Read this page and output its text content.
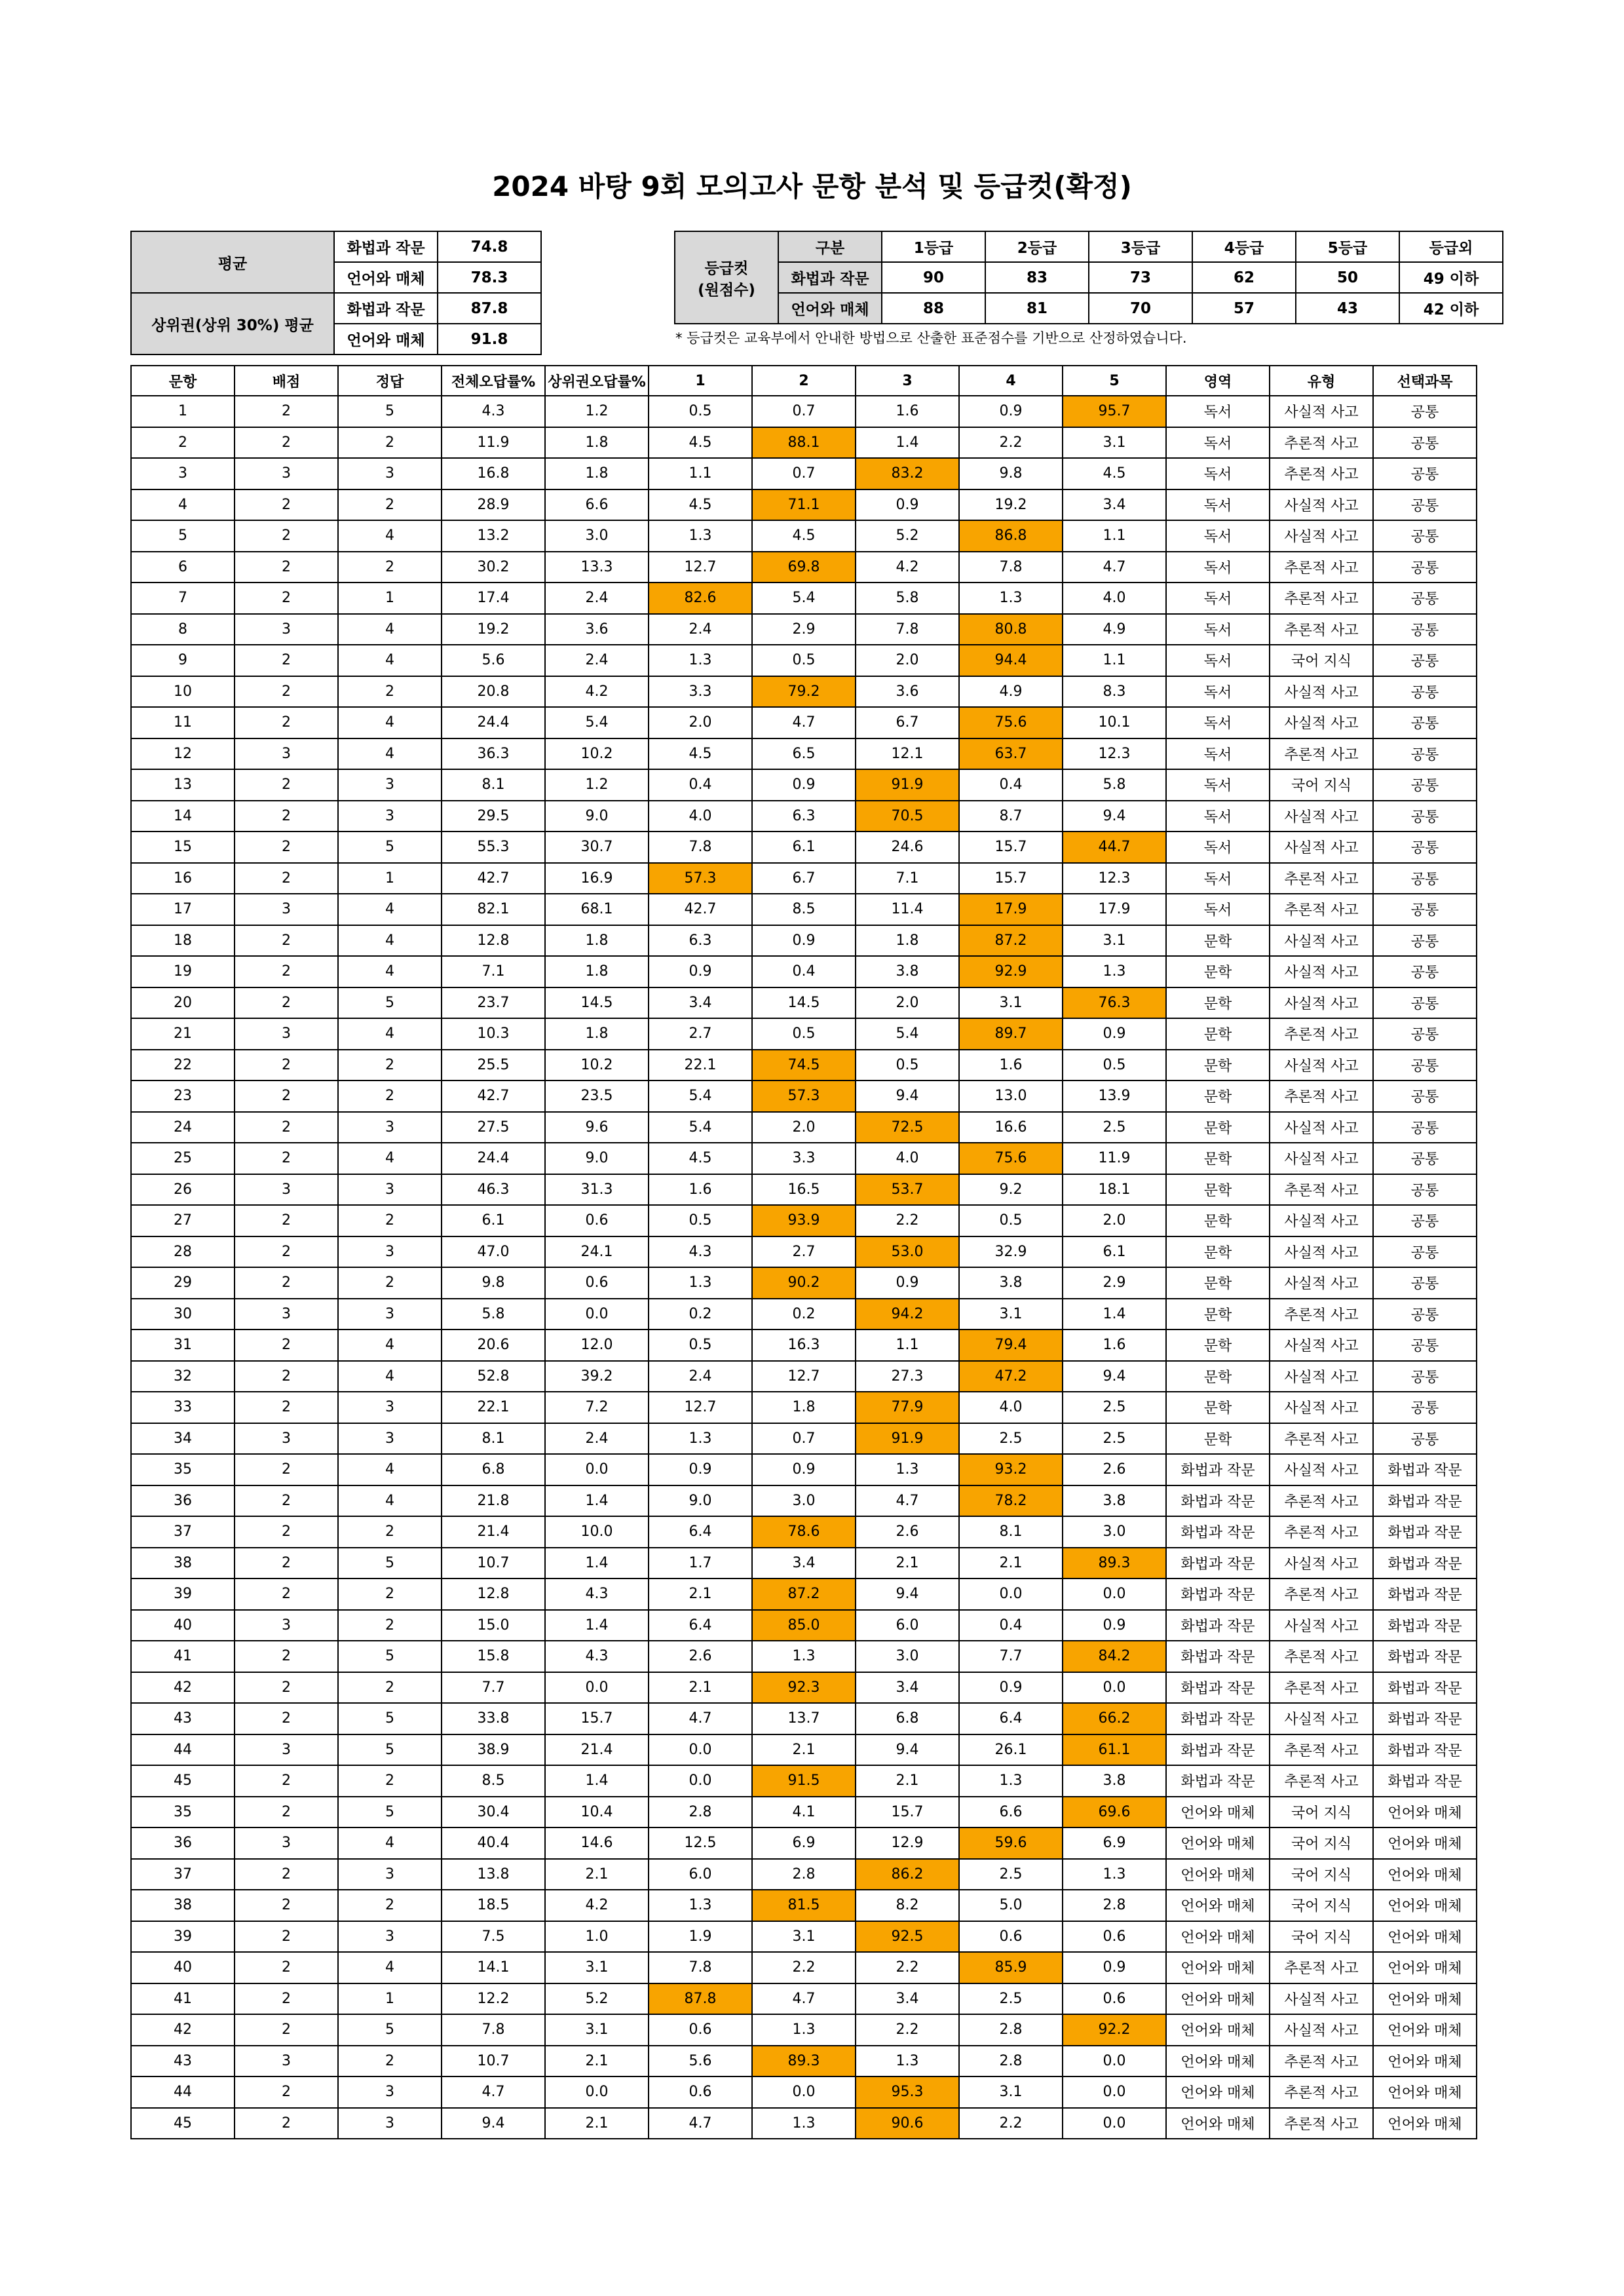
2024 바탕 9회 모의고사 문항 분석 및 등급컷(확정)
평균	화법과 작문	74.8
	언어와 매체	78.3
상위권(상위 30%) 평균	화법과 작문	87.8
	언어와 매체	91.8
등급컷
(원점수)	구분	1등급	2등급	3등급	4등급	5등급	등급외
	화법과 작문	90	83	73	62	50	49 이하
	언어와 매체	88	81	70	57	43	42 이하
* 등급컷은 교육부에서 안내한 방법으로 산출한 표준점수를 기반으로 산정하였습니다.
문항	배점	정답	전체오답률%	상위권오답률%	1	2	3	4	5	영역	유형	선택과목
1	2	5	4.3	1.2	0.5	0.7	1.6	0.9	95.7	독서	사실적 사고	공통
2	2	2	11.9	1.8	4.5	88.1	1.4	2.2	3.1	독서	추론적 사고	공통
3	3	3	16.8	1.8	1.1	0.7	83.2	9.8	4.5	독서	추론적 사고	공통
4	2	2	28.9	6.6	4.5	71.1	0.9	19.2	3.4	독서	사실적 사고	공통
5	2	4	13.2	3.0	1.3	4.5	5.2	86.8	1.1	독서	사실적 사고	공통
6	2	2	30.2	13.3	12.7	69.8	4.2	7.8	4.7	독서	추론적 사고	공통
7	2	1	17.4	2.4	82.6	5.4	5.8	1.3	4.0	독서	추론적 사고	공통
8	3	4	19.2	3.6	2.4	2.9	7.8	80.8	4.9	독서	추론적 사고	공통
9	2	4	5.6	2.4	1.3	0.5	2.0	94.4	1.1	독서	국어 지식	공통
10	2	2	20.8	4.2	3.3	79.2	3.6	4.9	8.3	독서	사실적 사고	공통
11	2	4	24.4	5.4	2.0	4.7	6.7	75.6	10.1	독서	사실적 사고	공통
12	3	4	36.3	10.2	4.5	6.5	12.1	63.7	12.3	독서	추론적 사고	공통
13	2	3	8.1	1.2	0.4	0.9	91.9	0.4	5.8	독서	국어 지식	공통
14	2	3	29.5	9.0	4.0	6.3	70.5	8.7	9.4	독서	사실적 사고	공통
15	2	5	55.3	30.7	7.8	6.1	24.6	15.7	44.7	독서	사실적 사고	공통
16	2	1	42.7	16.9	57.3	6.7	7.1	15.7	12.3	독서	추론적 사고	공통
17	3	4	82.1	68.1	42.7	8.5	11.4	17.9	17.9	독서	추론적 사고	공통
18	2	4	12.8	1.8	6.3	0.9	1.8	87.2	3.1	문학	사실적 사고	공통
19	2	4	7.1	1.8	0.9	0.4	3.8	92.9	1.3	문학	사실적 사고	공통
20	2	5	23.7	14.5	3.4	14.5	2.0	3.1	76.3	문학	사실적 사고	공통
21	3	4	10.3	1.8	2.7	0.5	5.4	89.7	0.9	문학	추론적 사고	공통
22	2	2	25.5	10.2	22.1	74.5	0.5	1.6	0.5	문학	사실적 사고	공통
23	2	2	42.7	23.5	5.4	57.3	9.4	13.0	13.9	문학	추론적 사고	공통
24	2	3	27.5	9.6	5.4	2.0	72.5	16.6	2.5	문학	사실적 사고	공통
25	2	4	24.4	9.0	4.5	3.3	4.0	75.6	11.9	문학	사실적 사고	공통
26	3	3	46.3	31.3	1.6	16.5	53.7	9.2	18.1	문학	추론적 사고	공통
27	2	2	6.1	0.6	0.5	93.9	2.2	0.5	2.0	문학	사실적 사고	공통
28	2	3	47.0	24.1	4.3	2.7	53.0	32.9	6.1	문학	사실적 사고	공통
29	2	2	9.8	0.6	1.3	90.2	0.9	3.8	2.9	문학	사실적 사고	공통
30	3	3	5.8	0.0	0.2	0.2	94.2	3.1	1.4	문학	추론적 사고	공통
31	2	4	20.6	12.0	0.5	16.3	1.1	79.4	1.6	문학	사실적 사고	공통
32	2	4	52.8	39.2	2.4	12.7	27.3	47.2	9.4	문학	사실적 사고	공통
33	2	3	22.1	7.2	12.7	1.8	77.9	4.0	2.5	문학	사실적 사고	공통
34	3	3	8.1	2.4	1.3	0.7	91.9	2.5	2.5	문학	추론적 사고	공통
35	2	4	6.8	0.0	0.9	0.9	1.3	93.2	2.6	화법과 작문	사실적 사고	화법과 작문
36	2	4	21.8	1.4	9.0	3.0	4.7	78.2	3.8	화법과 작문	추론적 사고	화법과 작문
37	2	2	21.4	10.0	6.4	78.6	2.6	8.1	3.0	화법과 작문	추론적 사고	화법과 작문
38	2	5	10.7	1.4	1.7	3.4	2.1	2.1	89.3	화법과 작문	사실적 사고	화법과 작문
39	2	2	12.8	4.3	2.1	87.2	9.4	0.0	0.0	화법과 작문	추론적 사고	화법과 작문
40	3	2	15.0	1.4	6.4	85.0	6.0	0.4	0.9	화법과 작문	사실적 사고	화법과 작문
41	2	5	15.8	4.3	2.6	1.3	3.0	7.7	84.2	화법과 작문	추론적 사고	화법과 작문
42	2	2	7.7	0.0	2.1	92.3	3.4	0.9	0.0	화법과 작문	추론적 사고	화법과 작문
43	2	5	33.8	15.7	4.7	13.7	6.8	6.4	66.2	화법과 작문	사실적 사고	화법과 작문
44	3	5	38.9	21.4	0.0	2.1	9.4	26.1	61.1	화법과 작문	추론적 사고	화법과 작문
45	2	2	8.5	1.4	0.0	91.5	2.1	1.3	3.8	화법과 작문	추론적 사고	화법과 작문
35	2	5	30.4	10.4	2.8	4.1	15.7	6.6	69.6	언어와 매체	국어 지식	언어와 매체
36	3	4	40.4	14.6	12.5	6.9	12.9	59.6	6.9	언어와 매체	국어 지식	언어와 매체
37	2	3	13.8	2.1	6.0	2.8	86.2	2.5	1.3	언어와 매체	국어 지식	언어와 매체
38	2	2	18.5	4.2	1.3	81.5	8.2	5.0	2.8	언어와 매체	국어 지식	언어와 매체
39	2	3	7.5	1.0	1.9	3.1	92.5	0.6	0.6	언어와 매체	국어 지식	언어와 매체
40	2	4	14.1	3.1	7.8	2.2	2.2	85.9	0.9	언어와 매체	추론적 사고	언어와 매체
41	2	1	12.2	5.2	87.8	4.7	3.4	2.5	0.6	언어와 매체	사실적 사고	언어와 매체
42	2	5	7.8	3.1	0.6	1.3	2.2	2.8	92.2	언어와 매체	사실적 사고	언어와 매체
43	3	2	10.7	2.1	5.6	89.3	1.3	2.8	0.0	언어와 매체	추론적 사고	언어와 매체
44	2	3	4.7	0.0	0.6	0.0	95.3	3.1	0.0	언어와 매체	추론적 사고	언어와 매체
45	2	3	9.4	2.1	4.7	1.3	90.6	2.2	0.0	언어와 매체	추론적 사고	언어와 매체
